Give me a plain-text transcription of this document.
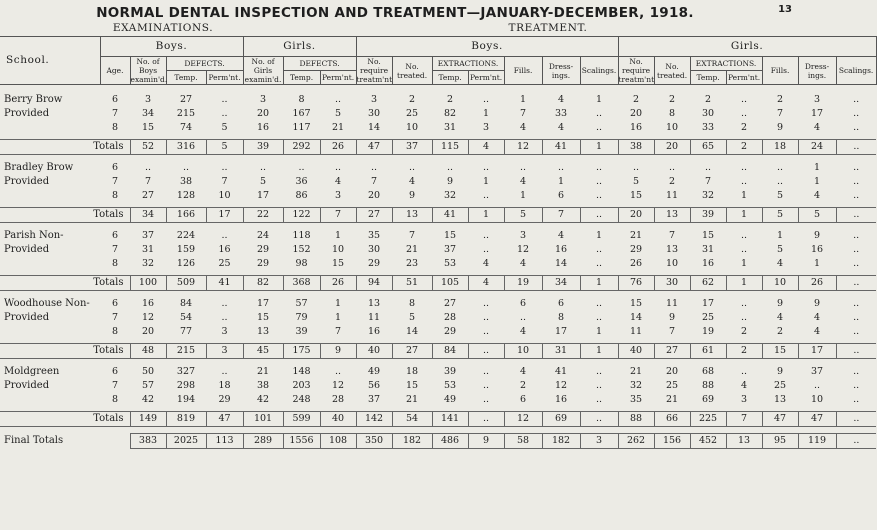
NORMAL DENTAL INSPECTION AND TREATMENT—JANUARY-DECEMBER, 1918.	13
EXAMINATIONS.	TREATMENT.
School.	Boys.				Girls.			Boys.							Girls.						
	Age.	No. of Boys examin'd.	DEFECTS.		No. of Girls examin'd.	DEFECTS.		No. require treatm'nt	No. treated.	EXTRACTIONS.		Fills.	Dress-ings.	Scalings.	No. require treatm'nt	No. treated.	EXTRACTIONS.		Fills.	Dress-ings.	Scalings.
			Temp.	Perm'nt.		Temp.	Perm'nt.			Temp.	Perm'nt.						Temp.	Perm'nt.			

Berry Brow	6	3	27	..	3	8	..	3	2	2	..	1	4	1	2	2	2	..	2	3	..
Provided	7	34	215	..	20	167	5	30	25	82	1	7	33	..	20	8	30	..	7	17	..
	8	15	74	5	16	117	21	14	10	31	3	4	4	..	16	10	33	2	9	4	..

Totals		52	316	5	39	292	26	47	37	115	4	12	41	1	38	20	65	2	18	24	..

Bradley Brow	6	..	..	..	..	..	..	..	..	..	..	..	..	..	..	..	..	..	..	1	..
Provided	7	7	38	7	5	36	4	7	4	9	1	4	1	..	5	2	7	..	..	1	..
	8	27	128	10	17	86	3	20	9	32	..	1	6	..	15	11	32	1	5	4	..

Totals		34	166	17	22	122	7	27	13	41	1	5	7	..	20	13	39	1	5	5	..

Parish Non-	6	37	224	..	24	118	1	35	7	15	..	3	4	1	21	7	15	..	1	9	..
Provided	7	31	159	16	29	152	10	30	21	37	..	12	16	..	29	13	31	..	5	16	..
	8	32	126	25	29	98	15	29	23	53	4	4	14	..	26	10	16	1	4	1	..

Totals		100	509	41	82	368	26	94	51	105	4	19	34	1	76	30	62	1	10	26	..

Woodhouse Non-	6	16	84	..	17	57	1	13	8	27	..	6	6	..	15	11	17	..	9	9	..
Provided	7	12	54	..	15	79	1	11	5	28	..	..	8	..	14	9	25	..	4	4	..
	8	20	77	3	13	39	7	16	14	29	..	4	17	1	11	7	19	2	2	4	..

Totals		48	215	3	45	175	9	40	27	84	..	10	31	1	40	27	61	2	15	17	..

Moldgreen	6	50	327	..	21	148	..	49	18	39	..	4	41	..	21	20	68	..	9	37	..
Provided	7	57	298	18	38	203	12	56	15	53	..	2	12	..	32	25	88	4	25	..	..
	8	42	194	29	42	248	28	37	21	49	..	6	16	..	35	21	69	3	13	10	..

Totals		149	819	47	101	599	40	142	54	141	..	12	69	..	88	66	225	7	47	47	..

Final Totals		383	2025	113	289	1556	108	350	182	486	9	58	182	3	262	156	452	13	95	119	..
